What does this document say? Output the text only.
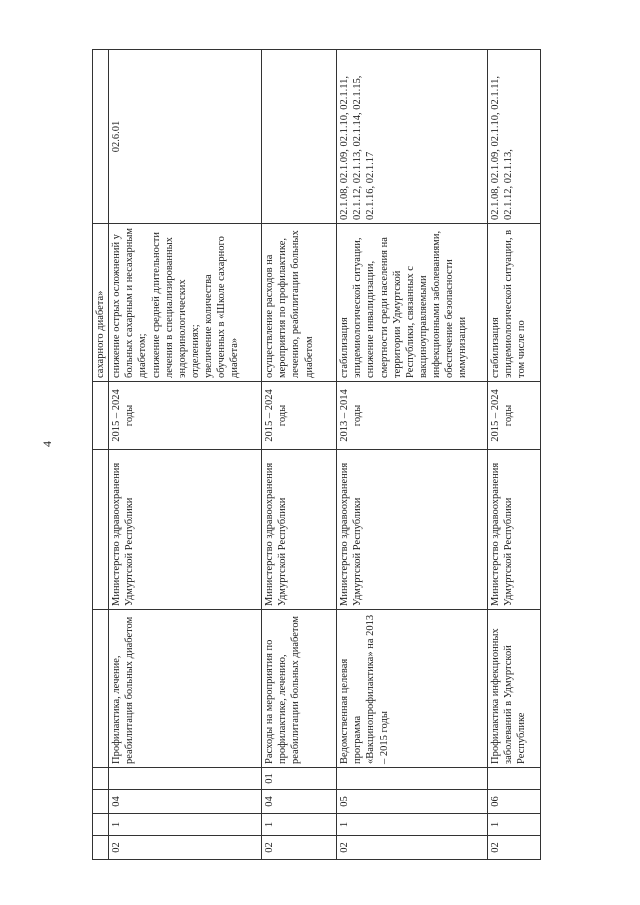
4
							сахарного диабета»	
02	1	04		Профилактика, лечение, реабилитация больных диабетом	Министерство здравоохранения Удмуртской Республики	2015 – 2024 годы	снижение острых осложнений у больных сахарным и несахарным диабетом;
снижение средней длительности лечения в специализированных эндокринологических отделениях;
увеличение количества обученных в «Школе сахарного диабета»	02.6.01
02	1	04	01	Расходы на мероприятия по профилактике, лечению, реабилитации больных диабетом	Министерство здравоохранения Удмуртской Республики	2015 – 2024 годы	осуществление расходов на мероприятия по профилактике, лечению, реабилитации больных диабетом	
02	1	05		Ведомственная целевая программа «Вакцинопрофилактика» на 2013 – 2015 годы	Министерство здравоохранения Удмуртской Республики	2013 – 2014 годы	стабилизация эпидемиологической ситуации, снижение инвалидизации, смертности среди населения на территории Удмуртской Республики, связанных с вакциноуправляемыми инфекционными заболеваниями, обеспечение безопасности иммунизации	02.1.08, 02.1.09, 02.1.10, 02.1.11, 02.1.12, 02.1.13, 02.1.14, 02.1.15, 02.1.16, 02.1.17
02	1	06		Профилактика инфекционных заболеваний в Удмуртской Республике	Министерство здравоохранения Удмуртской Республики	2015 – 2024 годы	стабилизация эпидемиологической ситуации, в том числе по	02.1.08, 02.1.09, 02.1.10, 02.1.11, 02.1.12, 02.1.13,
